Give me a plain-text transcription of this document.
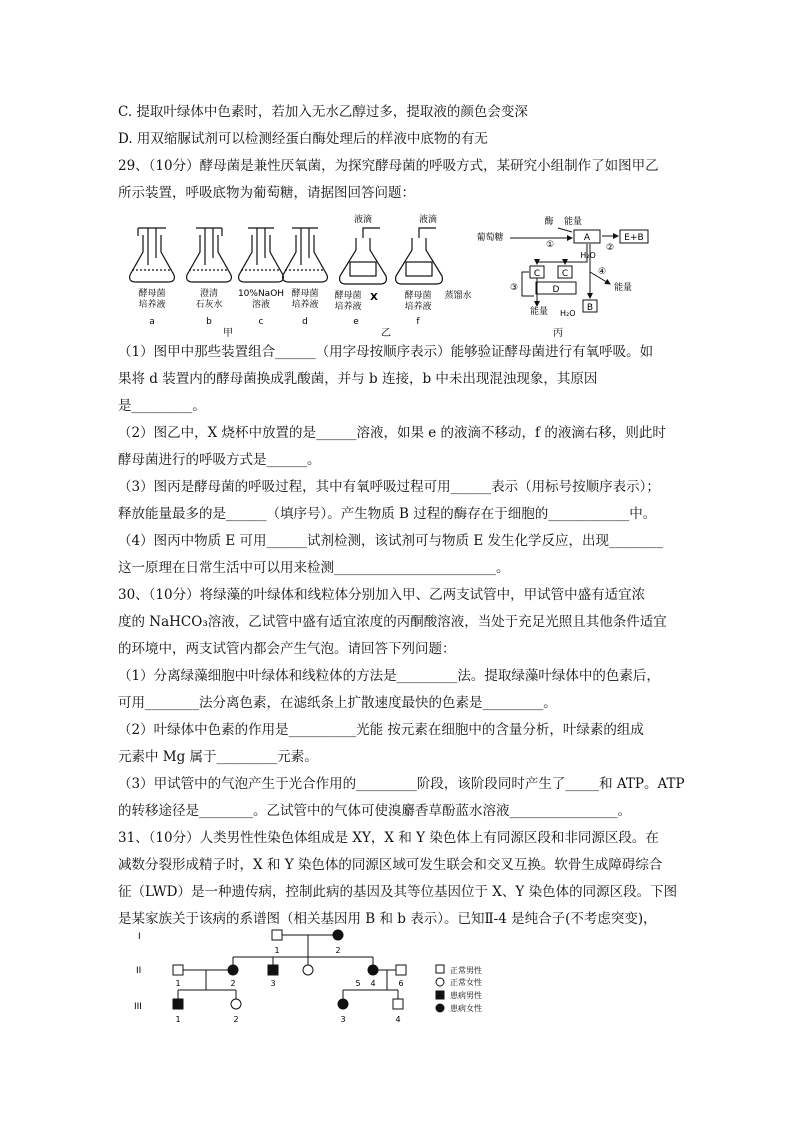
C. 提取叶绿体中色素时，若加入无水乙醇过多，提取液的颜色会变深
D. 用双缩脲试剂可以检测经蛋白酶处理后的样液中底物的有无
29、（10分）酵母菌是兼性厌氧菌，为探究酵母菌的呼吸方式，某研究小组制作了如图甲乙
所示装置，呼吸底物为葡萄糖，请据图回答问题：
（1）图甲中那些装置组合______（用字母按顺序表示）能够验证酵母菌进行有氧呼吸。如
果将 d 装置内的酵母菌换成乳酸菌，并与 b 连接，b 中未出现混浊现象，其原因
是_________。
（2）图乙中，X 烧杯中放置的是______溶液，如果 e 的液滴不移动，f 的液滴右移，则此时
酵母菌进行的呼吸方式是______。
（3）图丙是酵母菌的呼吸过程，其中有氧呼吸过程可用______表示（用标号按顺序表示）；
释放能量最多的是______（填序号）。产生物质 B 过程的酶存在于细胞的____________中。
（4）图丙中物质 E 可用______试剂检测，该试剂可与物质 E 发生化学反应，出现________
这一原理在日常生活中可以用来检测________________________。
30、（10分）将绿藻的叶绿体和线粒体分别加入甲、乙两支试管中，甲试管中盛有适宜浓
度的 NaHCO₃溶液，乙试管中盛有适宜浓度的丙酮酸溶液，当处于充足光照且其他条件适宜
的环境中，两支试管内都会产生气泡。请回答下列问题：
（1）分离绿藻细胞中叶绿体和线粒体的方法是_________法。提取绿藻叶绿体中的色素后，
可用________法分离色素，在滤纸条上扩散速度最快的色素是_________。
（2）叶绿体中色素的作用是__________光能 按元素在细胞中的含量分析，叶绿素的组成
元素中 Mg 属于_________元素。
（3）甲试管中的气泡产生于光合作用的_________阶段，该阶段同时产生了_____和 ATP。ATP
的转移途径是________。乙试管中的气体可使溴麝香草酚蓝水溶液________________。
31、（10分）人类男性性染色体组成是 XY，X 和 Y 染色体上有同源区段和非同源区段。在
减数分裂形成精子时，X 和 Y 染色体的同源区域可发生联会和交叉互换。软骨生成障碍综合
征（LWD）是一种遗传病，控制此病的基因及其等位基因位于 X、Y 染色体的同源区段。下图
是某家族关于该病的系谱图（相关基因用 B 和 b 表示）。已知Ⅱ-4 是纯合子(不考虑突变)，
酵母菌
培养液
a
澄清
石灰水
b
10%NaOH
溶液
c
酵母菌
培养液
d
甲
液滴	液滴
酵母菌
培养液
e
X	酵母菌
培养液
f
蒸馏水
乙
葡萄糖
酶 能量
A	E+B
①	②
H₂O
C C
D
④
能量
B
③
能量 H₂O
丙
I
II
III
1	2
1	2	3	4
5	6
1	2	3	4
正常男性
正常女性
患病男性
患病女性
